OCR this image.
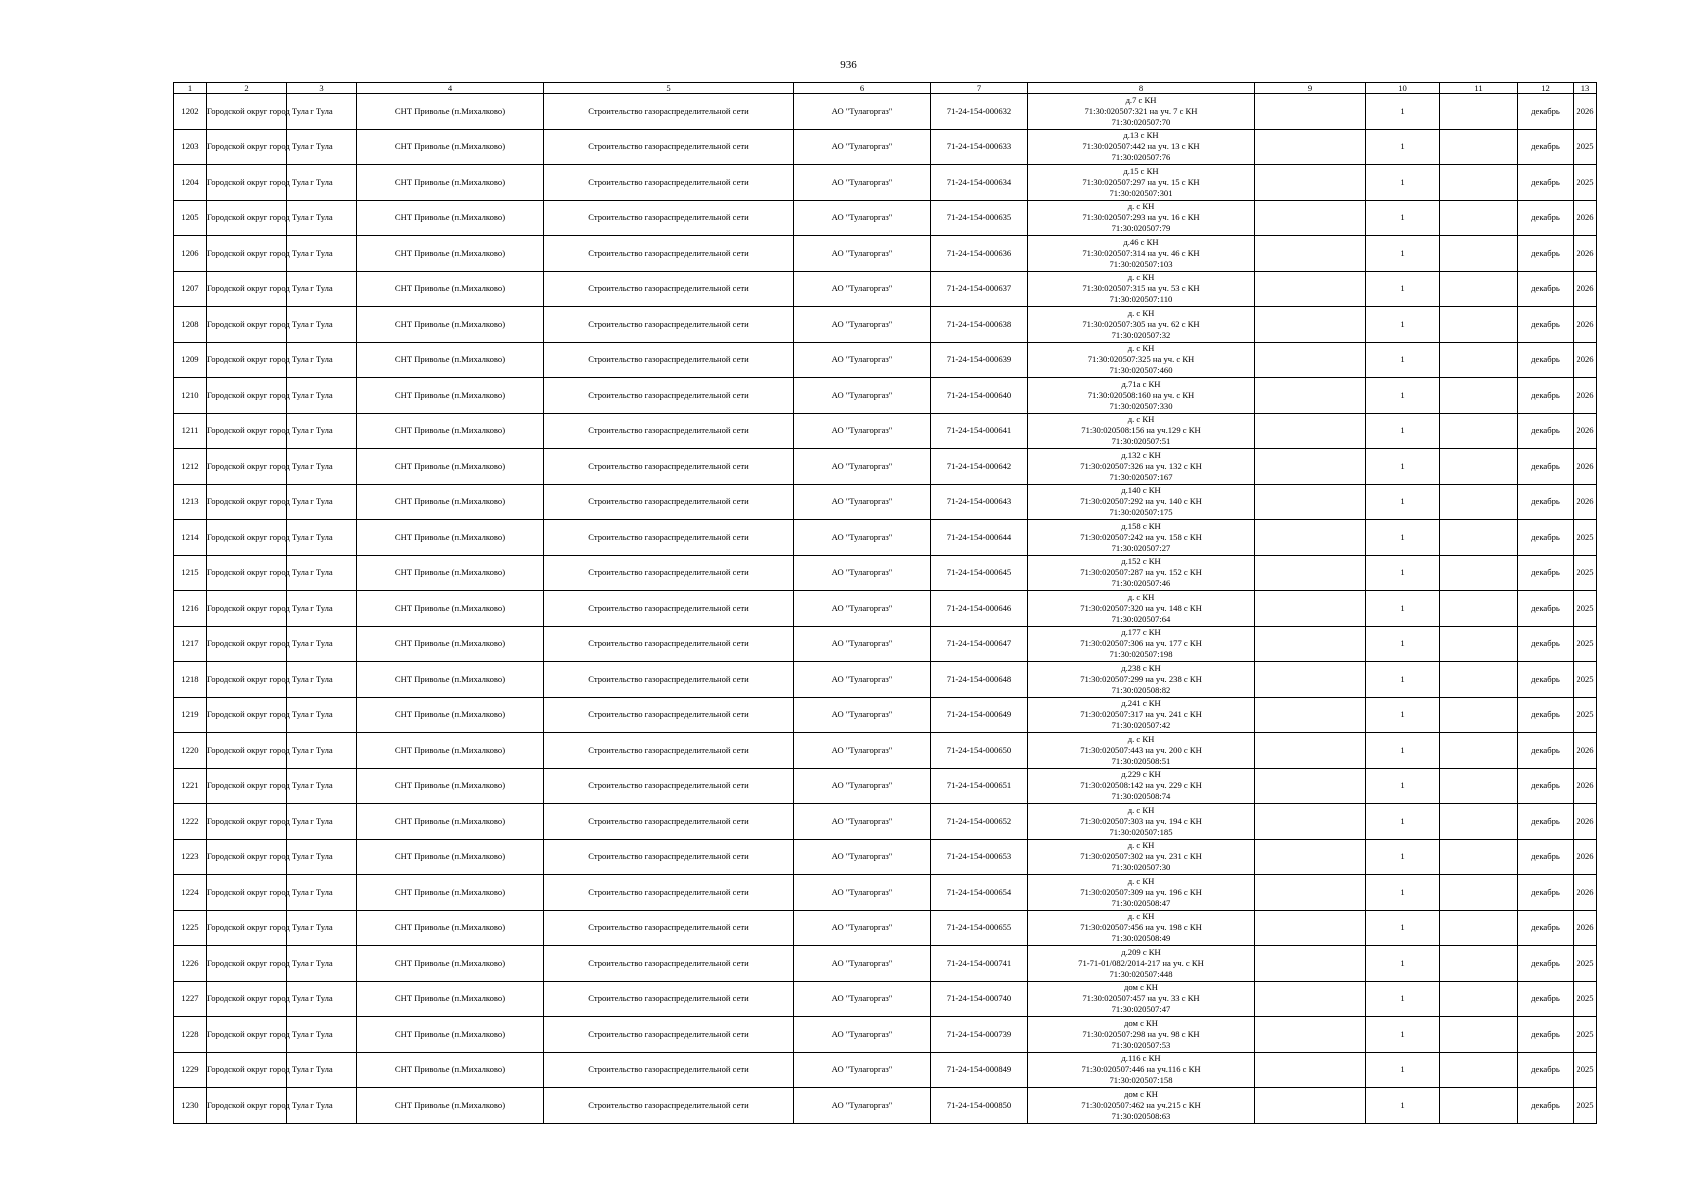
936
1	2	3	4	5	6	7	8	9	10	11	12	13
1202	Городской округ город Тула	г Тула	СНТ Приволье (п.Михалково)	Строительство газораспределительной сети	АО "Тулагоргаз"	71-24-154-000632	д.7 с КН
71:30:020507:321 на уч. 7 с КН
71:30:020507:70		1		декабрь	2026
1203	Городской округ город Тула	г Тула	СНТ Приволье (п.Михалково)	Строительство газораспределительной сети	АО "Тулагоргаз"	71-24-154-000633	д.13 с КН
71:30:020507:442 на уч. 13 с КН
71:30:020507:76		1		декабрь	2025
1204	Городской округ город Тула	г Тула	СНТ Приволье (п.Михалково)	Строительство газораспределительной сети	АО "Тулагоргаз"	71-24-154-000634	д.15 с КН
71:30:020507:297 на уч. 15 с КН
71:30:020507:301		1		декабрь	2025
1205	Городской округ город Тула	г Тула	СНТ Приволье (п.Михалково)	Строительство газораспределительной сети	АО "Тулагоргаз"	71-24-154-000635	д. с КН
71:30:020507:293 на уч. 16 с КН
71:30:020507:79		1		декабрь	2026
1206	Городской округ город Тула	г Тула	СНТ Приволье (п.Михалково)	Строительство газораспределительной сети	АО "Тулагоргаз"	71-24-154-000636	д.46 с КН
71:30:020507:314 на уч. 46 с КН
71:30:020507:103		1		декабрь	2026
1207	Городской округ город Тула	г Тула	СНТ Приволье (п.Михалково)	Строительство газораспределительной сети	АО "Тулагоргаз"	71-24-154-000637	д. с КН
71:30:020507:315 на уч. 53 с КН
71:30:020507:110		1		декабрь	2026
1208	Городской округ город Тула	г Тула	СНТ Приволье (п.Михалково)	Строительство газораспределительной сети	АО "Тулагоргаз"	71-24-154-000638	д. с КН
71:30:020507:305 на уч. 62 с КН
71:30:020507:32		1		декабрь	2026
1209	Городской округ город Тула	г Тула	СНТ Приволье (п.Михалково)	Строительство газораспределительной сети	АО "Тулагоргаз"	71-24-154-000639	д. с КН
71:30:020507:325 на уч. с КН
71:30:020507:460		1		декабрь	2026
1210	Городской округ город Тула	г Тула	СНТ Приволье (п.Михалково)	Строительство газораспределительной сети	АО "Тулагоргаз"	71-24-154-000640	д.71а с КН
71:30:020508:160 на уч. с КН
71:30:020507:330		1		декабрь	2026
1211	Городской округ город Тула	г Тула	СНТ Приволье (п.Михалково)	Строительство газораспределительной сети	АО "Тулагоргаз"	71-24-154-000641	д. с КН
71:30:020508:156 на уч.129 с КН
71:30:020507:51		1		декабрь	2026
1212	Городской округ город Тула	г Тула	СНТ Приволье (п.Михалково)	Строительство газораспределительной сети	АО "Тулагоргаз"	71-24-154-000642	д.132 с КН
71:30:020507:326 на уч. 132 с КН
71:30:020507:167		1		декабрь	2026
1213	Городской округ город Тула	г Тула	СНТ Приволье (п.Михалково)	Строительство газораспределительной сети	АО "Тулагоргаз"	71-24-154-000643	д.140 с КН
71:30:020507:292 на уч. 140 с КН
71:30:020507:175		1		декабрь	2026
1214	Городской округ город Тула	г Тула	СНТ Приволье (п.Михалково)	Строительство газораспределительной сети	АО "Тулагоргаз"	71-24-154-000644	д.158 с КН
71:30:020507:242 на уч. 158 с КН
71:30:020507:27		1		декабрь	2025
1215	Городской округ город Тула	г Тула	СНТ Приволье (п.Михалково)	Строительство газораспределительной сети	АО "Тулагоргаз"	71-24-154-000645	д.152 с КН
71:30:020507:287 на уч. 152 с КН
71:30:020507:46		1		декабрь	2025
1216	Городской округ город Тула	г Тула	СНТ Приволье (п.Михалково)	Строительство газораспределительной сети	АО "Тулагоргаз"	71-24-154-000646	д. с КН
71:30:020507:320 на уч. 148 с КН
71:30:020507:64		1		декабрь	2025
1217	Городской округ город Тула	г Тула	СНТ Приволье (п.Михалково)	Строительство газораспределительной сети	АО "Тулагоргаз"	71-24-154-000647	д.177 с КН
71:30:020507:306 на уч. 177 с КН
71:30:020507:198		1		декабрь	2025
1218	Городской округ город Тула	г Тула	СНТ Приволье (п.Михалково)	Строительство газораспределительной сети	АО "Тулагоргаз"	71-24-154-000648	д.238 с КН
71:30:020507:299 на уч. 238 с КН
71:30:020508:82		1		декабрь	2025
1219	Городской округ город Тула	г Тула	СНТ Приволье (п.Михалково)	Строительство газораспределительной сети	АО "Тулагоргаз"	71-24-154-000649	д.241 с КН
71:30:020507:317 на уч. 241 с КН
71:30:020507:42		1		декабрь	2025
1220	Городской округ город Тула	г Тула	СНТ Приволье (п.Михалково)	Строительство газораспределительной сети	АО "Тулагоргаз"	71-24-154-000650	д. с КН
71:30:020507:443 на уч. 200 с КН
71:30:020508:51		1		декабрь	2026
1221	Городской округ город Тула	г Тула	СНТ Приволье (п.Михалково)	Строительство газораспределительной сети	АО "Тулагоргаз"	71-24-154-000651	д.229 с КН
71:30:020508:142 на уч. 229 с КН
71:30:020508:74		1		декабрь	2026
1222	Городской округ город Тула	г Тула	СНТ Приволье (п.Михалково)	Строительство газораспределительной сети	АО "Тулагоргаз"	71-24-154-000652	д. с КН
71:30:020507:303 на уч. 194 с КН
71:30:020507:185		1		декабрь	2026
1223	Городской округ город Тула	г Тула	СНТ Приволье (п.Михалково)	Строительство газораспределительной сети	АО "Тулагоргаз"	71-24-154-000653	д. с КН
71:30:020507:302 на уч. 231 с КН
71:30:020507:30		1		декабрь	2026
1224	Городской округ город Тула	г Тула	СНТ Приволье (п.Михалково)	Строительство газораспределительной сети	АО "Тулагоргаз"	71-24-154-000654	д. с КН
71:30:020507:309 на уч. 196 с КН
71:30:020508:47		1		декабрь	2026
1225	Городской округ город Тула	г Тула	СНТ Приволье (п.Михалково)	Строительство газораспределительной сети	АО "Тулагоргаз"	71-24-154-000655	д. с КН
71:30:020507:456 на уч. 198 с КН
71:30:020508:49		1		декабрь	2026
1226	Городской округ город Тула	г Тула	СНТ Приволье (п.Михалково)	Строительство газораспределительной сети	АО "Тулагоргаз"	71-24-154-000741	д.209 с КН
71-71-01/082/2014-217 на уч. с КН
71:30:020507:448		1		декабрь	2025
1227	Городской округ город Тула	г Тула	СНТ Приволье (п.Михалково)	Строительство газораспределительной сети	АО "Тулагоргаз"	71-24-154-000740	дом с КН
71:30:020507:457 на уч. 33 с КН
71:30:020507:47		1		декабрь	2025
1228	Городской округ город Тула	г Тула	СНТ Приволье (п.Михалково)	Строительство газораспределительной сети	АО "Тулагоргаз"	71-24-154-000739	дом с КН
71:30:020507:298 на уч. 98 с КН
71:30:020507:53		1		декабрь	2025
1229	Городской округ город Тула	г Тула	СНТ Приволье (п.Михалково)	Строительство газораспределительной сети	АО "Тулагоргаз"	71-24-154-000849	д.116 с КН
71:30:020507:446 на уч.116 с КН
71:30:020507:158		1		декабрь	2025
1230	Городской округ город Тула	г Тула	СНТ Приволье (п.Михалково)	Строительство газораспределительной сети	АО "Тулагоргаз"	71-24-154-000850	дом с КН
71:30:020507:462 на уч.215 с КН
71:30:020508:63		1		декабрь	2025
